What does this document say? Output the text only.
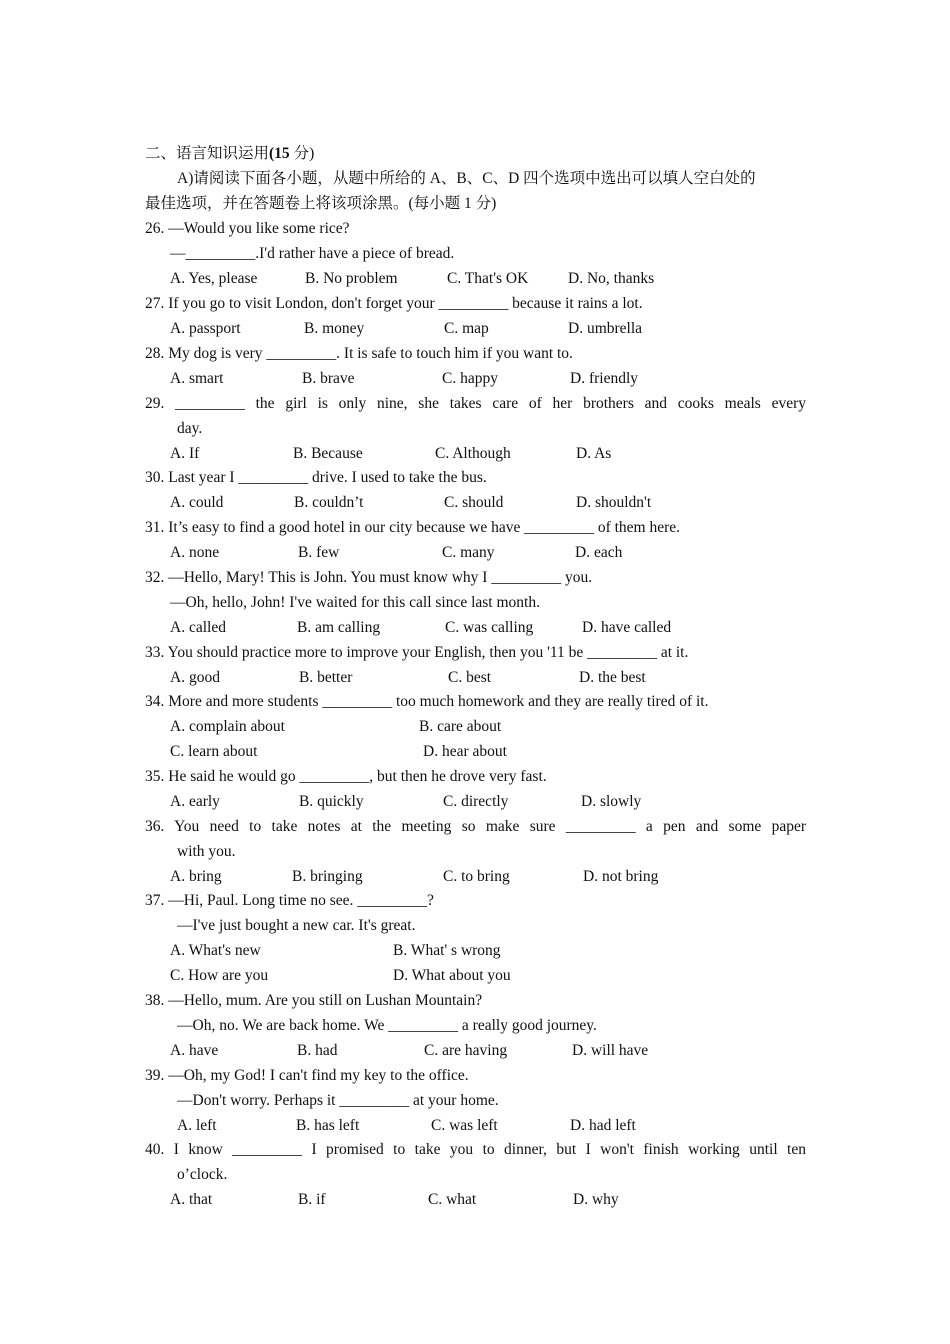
二、语言知识运用(15 分)
A)请阅读下面各小题，从题中所给的 A、B、C、D 四个选项中选出可以填人空白处的
最佳选项，并在答题卷上将该项涂黑。(每小题 1 分)
26. —Would you like some rice?
—_________.I'd rather have a piece of bread.
A. Yes, please	B. No problem	C. That's OK	D. No, thanks
27. If you go to visit London, don't forget your _________ because it rains a lot.
A. passport	B. money	C. map	D. umbrella
28. My dog is very _________. It is safe to touch him if you want to.
A. smart	B. brave	C. happy	D. friendly
29. _________ the girl is only nine, she takes care of her brothers and cooks meals every
day.
A. If	B. Because	C. Although	D. As
30. Last year I _________ drive. I used to take the bus.
A. could	B. couldn’t	C. should	D. shouldn't
31. It’s easy to find a good hotel in our city because we have _________ of them here.
A. none	B. few	C. many	D. each
32. —Hello, Mary! This is John. You must know why I _________ you.
—Oh, hello, John! I've waited for this call since last month.
A. called	B. am calling	C. was calling	D. have called
33. You should practice more to improve your English, then you '11 be _________ at it.
A. good	B. better	C. best	D. the best
34. More and more students _________ too much homework and they are really tired of it.
A. complain about	B. care about
C. learn about	D. hear about
35. He said he would go _________, but then he drove very fast.
A. early	B. quickly	C. directly	D. slowly
36. You need to take notes at the meeting so make sure _________ a pen and some paper
with you.
A. bring	B. bringing	C. to bring	D. not bring
37. —Hi, Paul. Long time no see. _________?
—I've just bought a new car. It's great.
A. What's new	B. What' s wrong
C. How are you	D. What about you
38. —Hello, mum. Are you still on Lushan Mountain?
—Oh, no. We are back home. We _________ a really good journey.
A. have	B. had	C. are having	D. will have
39. —Oh, my God! I can't find my key to the office.
—Don't worry. Perhaps it _________ at your home.
A. left	B. has left	C. was left	D. had left
40. I know _________ I promised to take you to dinner, but I won't finish working until ten
o’clock.
A. that	B. if	C. what	D. why
